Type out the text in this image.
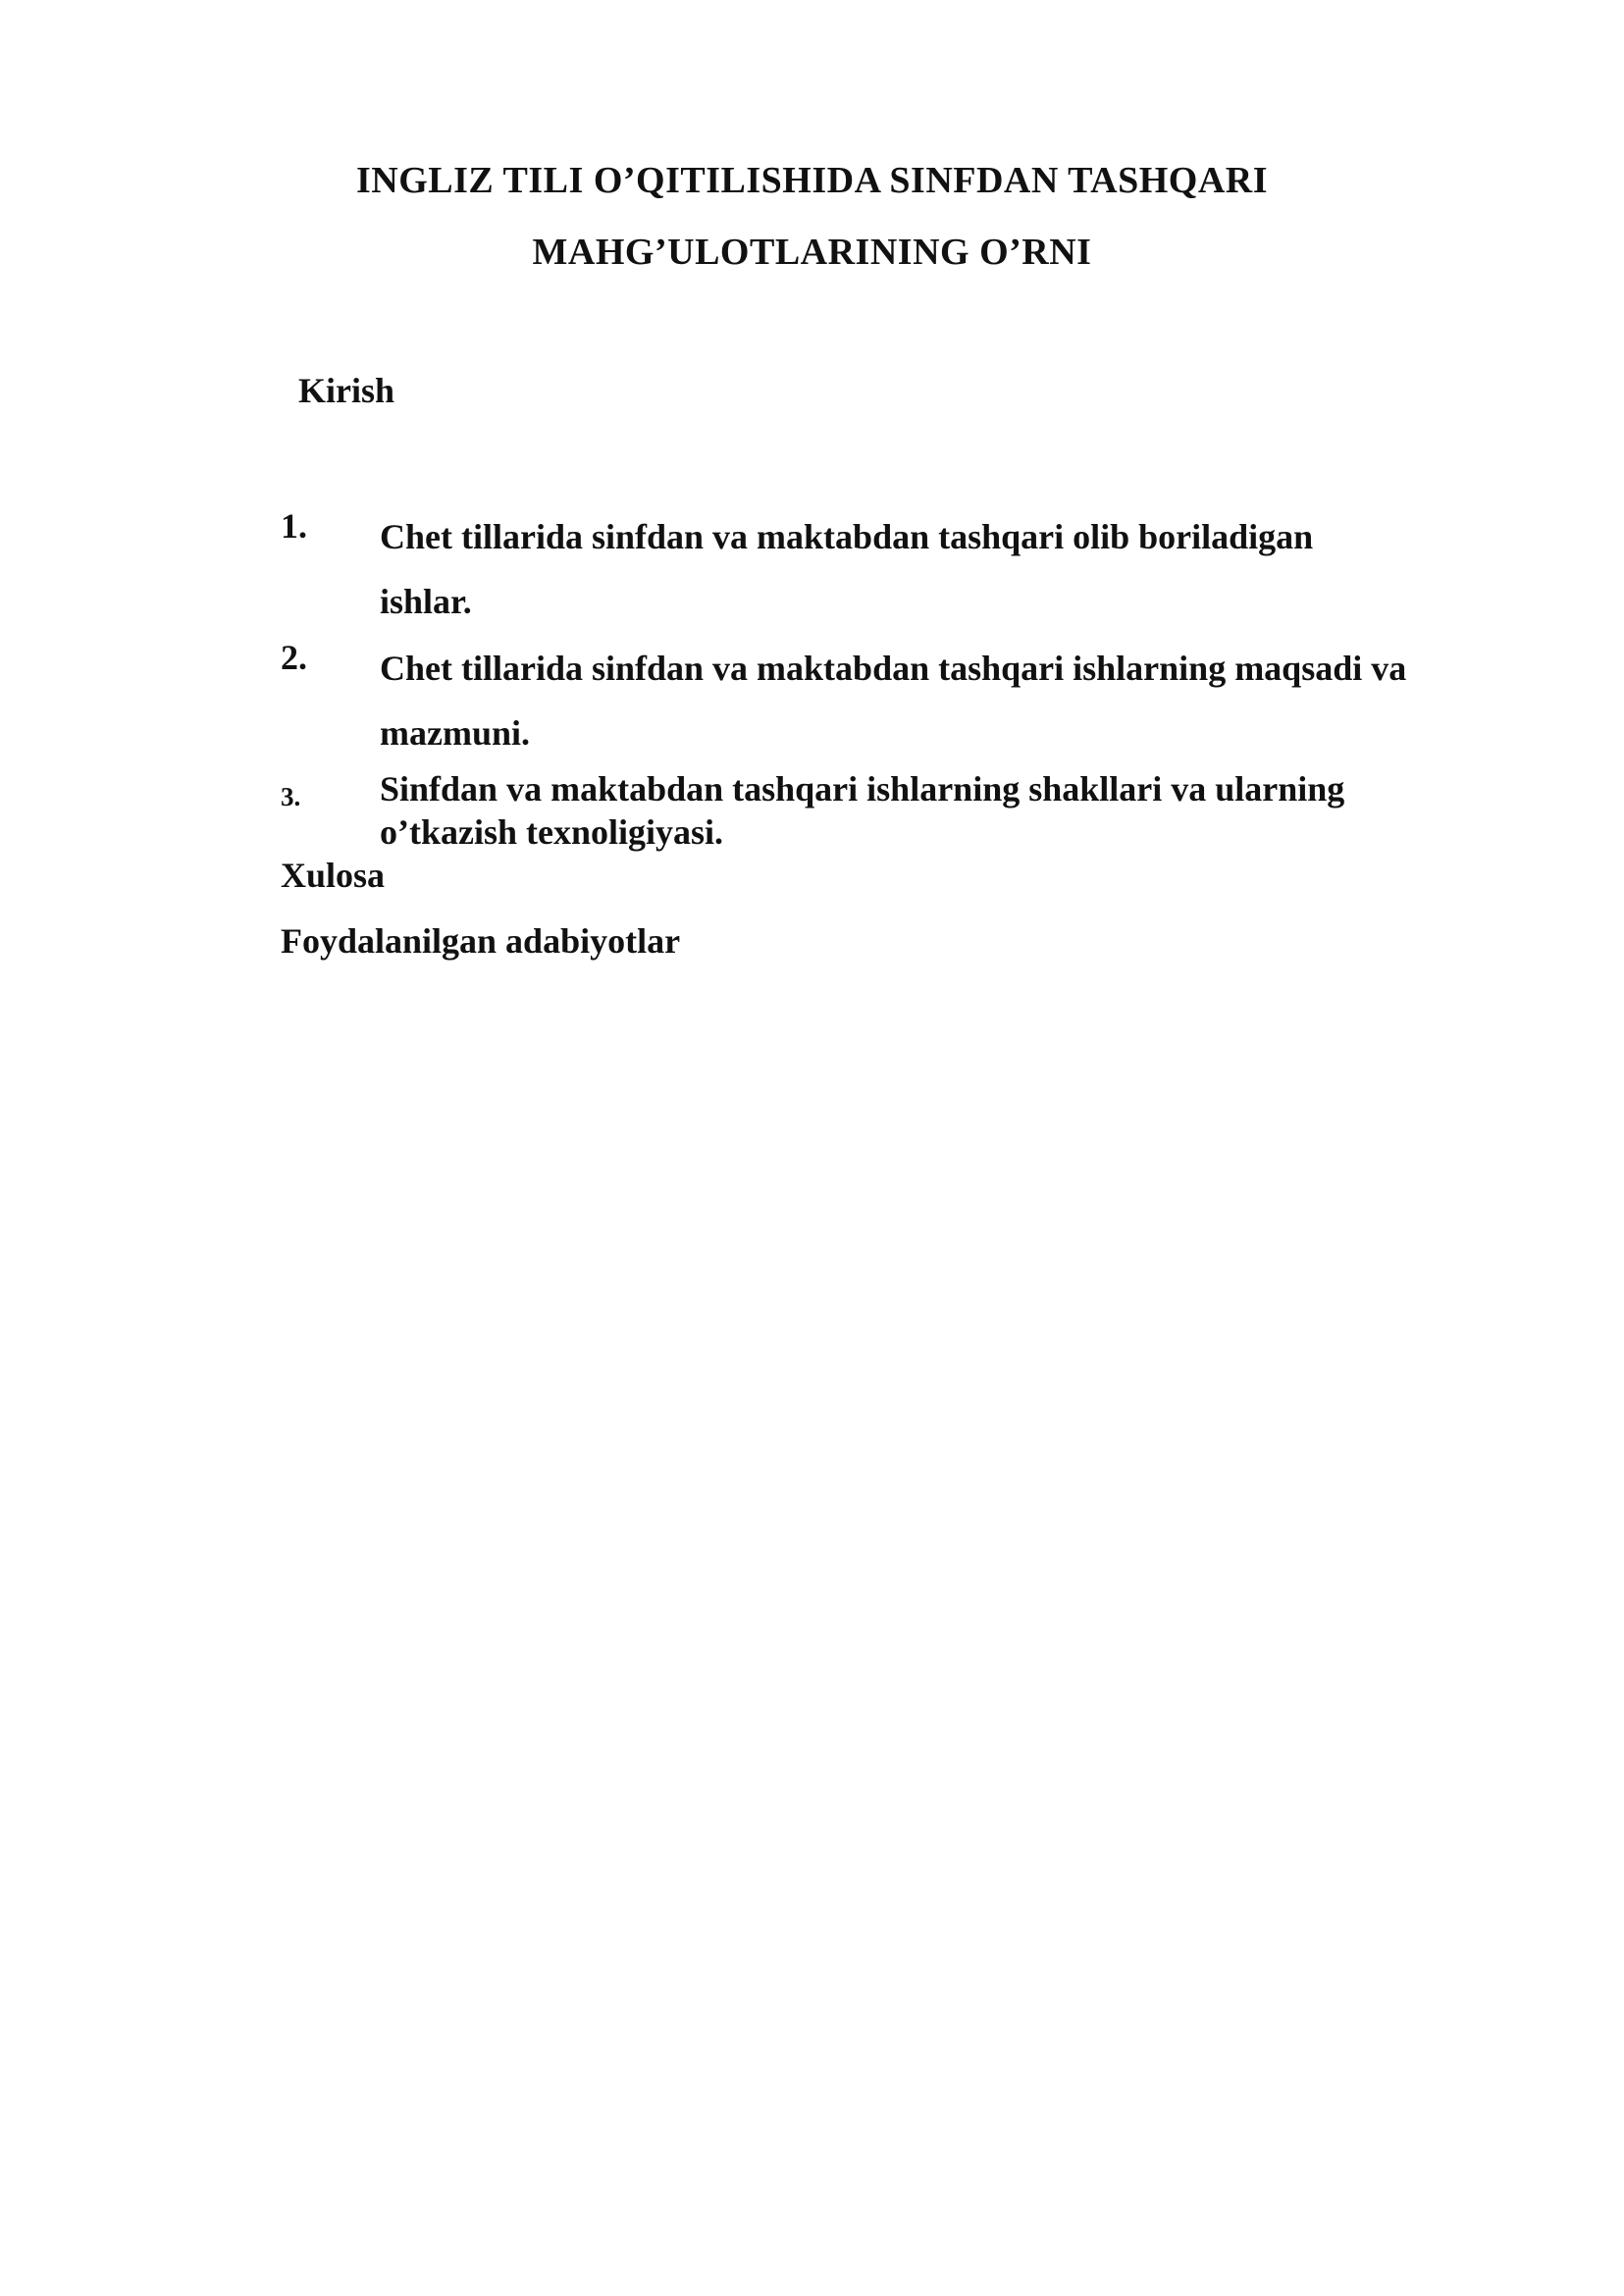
INGLIZ TILI O’QITILISHIDA SINFDAN TASHQARI
MAHG’ULOTLARINING O’RNI
Kirish
1. Chet tillarida sinfdan va maktabdan tashqari olib boriladigan
ishlar.
2. Chet tillarida sinfdan va maktabdan tashqari ishlarning maqsadi va
mazmuni.
3. Sinfdan va maktabdan tashqari ishlarning shakllari va ularning
o’tkazish texnoligiyasi.
Xulosa
Foydalanilgan adabiyotlar
